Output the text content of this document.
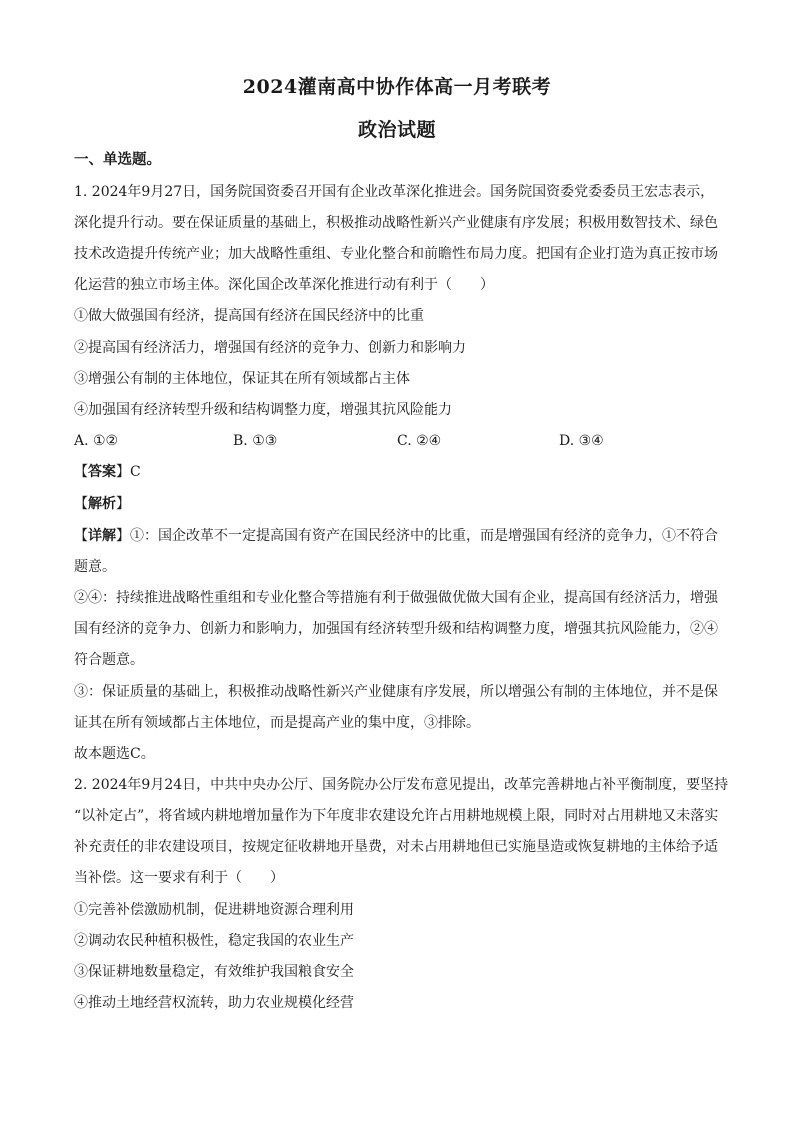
2024灌南高中协作体高一月考联考
政治试题
一、单选题。
1. 2024年9月27日，国务院国资委召开国有企业改革深化推进会。国务院国资委党委委员王宏志表示，
深化提升行动。要在保证质量的基础上，积极推动战略性新兴产业健康有序发展；积极用数智技术、绿色
技术改造提升传统产业；加大战略性重组、专业化整合和前瞻性布局力度。把国有企业打造为真正按市场
化运营的独立市场主体。深化国企改革深化推进行动有利于（　　）
①做大做强国有经济，提高国有经济在国民经济中的比重
②提高国有经济活力，增强国有经济的竞争力、创新力和影响力
③增强公有制的主体地位，保证其在所有领域都占主体
④加强国有经济转型升级和结构调整力度，增强其抗风险能力
A. ①②	B. ①③	C. ②④	D. ③④
【答案】C
【解析】
【详解】①：国企改革不一定提高国有资产在国民经济中的比重，而是增强国有经济的竞争力，①不符合
题意。
②④：持续推进战略性重组和专业化整合等措施有利于做强做优做大国有企业，提高国有经济活力，增强
国有经济的竞争力、创新力和影响力，加强国有经济转型升级和结构调整力度，增强其抗风险能力，②④
符合题意。
③：保证质量的基础上，积极推动战略性新兴产业健康有序发展，所以增强公有制的主体地位，并不是保
证其在所有领域都占主体地位，而是提高产业的集中度，③排除。
故本题选C。
2. 2024年9月24日，中共中央办公厅、国务院办公厅发布意见提出，改革完善耕地占补平衡制度，要坚持
“以补定占”，将省域内耕地增加量作为下年度非农建设允许占用耕地规模上限，同时对占用耕地又未落实
补充责任的非农建设项目，按规定征收耕地开垦费，对未占用耕地但已实施垦造或恢复耕地的主体给予适
当补偿。这一要求有利于（　　）
①完善补偿激励机制，促进耕地资源合理利用
②调动农民种植积极性，稳定我国的农业生产
③保证耕地数量稳定，有效维护我国粮食安全
④推动土地经营权流转，助力农业规模化经营
